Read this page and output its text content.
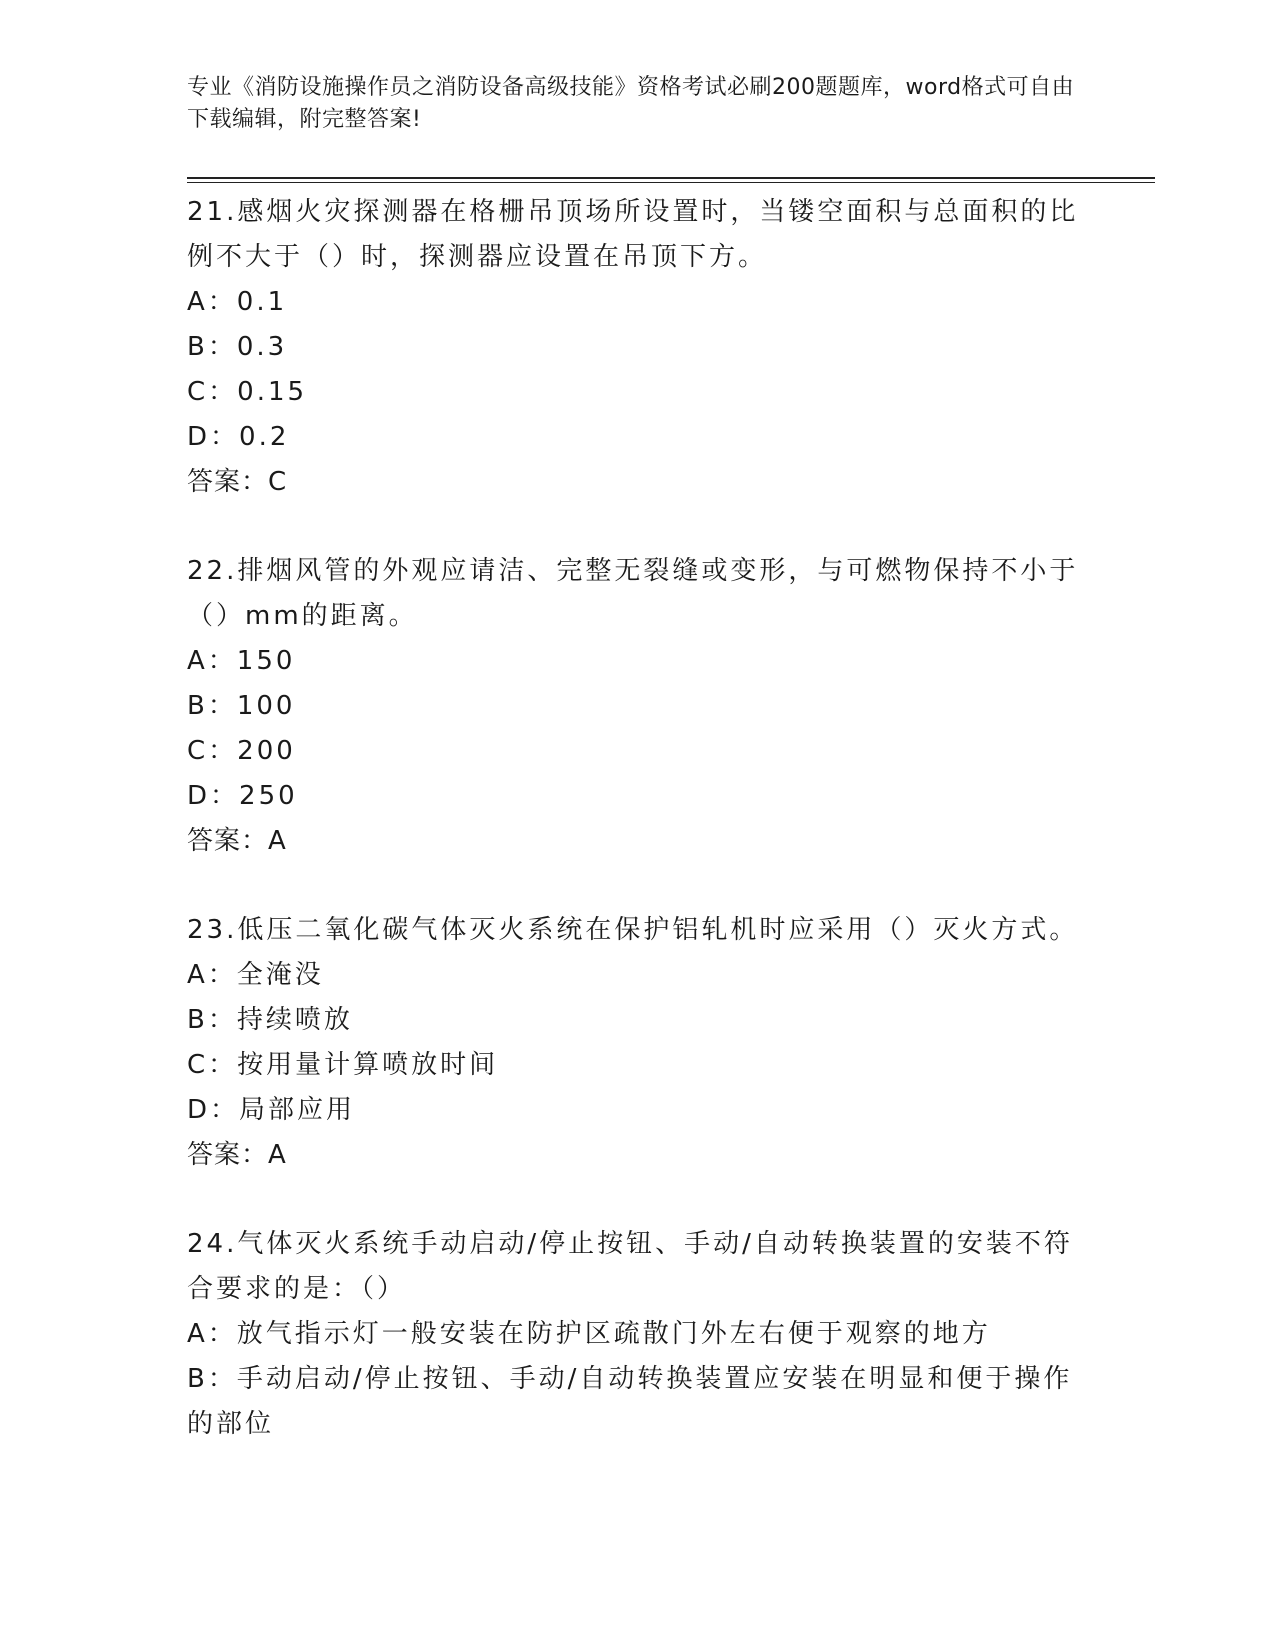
专业《消防设施操作员之消防设备高级技能》资格考试必刷200题题库，word格式可自由下载编辑，附完整答案!

21.感烟火灾探测器在格栅吊顶场所设置时，当镂空面积与总面积的比例不大于（）时，探测器应设置在吊顶下方。

A：0.1

B：0.3

C：0.15

D：0.2

答案：C

22.排烟风管的外观应请洁、完整无裂缝或变形，与可燃物保持不小于（）mm的距离。

A：150

B：100

C：200

D：250

答案：A

23.低压二氧化碳气体灭火系统在保护铝轧机时应采用（）灭火方式。

A：全淹没

B：持续喷放

C：按用量计算喷放时间

D：局部应用

答案：A

24.气体灭火系统手动启动/停止按钮、手动/自动转换装置的安装不符合要求的是：（）

A：放气指示灯一般安装在防护区疏散门外左右便于观察的地方

B：手动启动/停止按钮、手动/自动转换装置应安装在明显和便于操作的部位
